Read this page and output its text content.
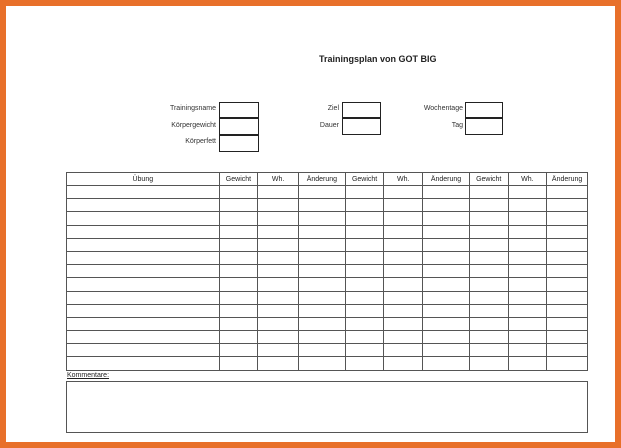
Trainingsplan von GOT BIG
Trainingsname
Körpergewicht
Körperfett
Ziel
Dauer
Wochentage
Tag
Übung	Gewicht	Wh.	Änderung	Gewicht	Wh.	Änderung	Gewicht	Wh.	Änderung

Kommentare:
